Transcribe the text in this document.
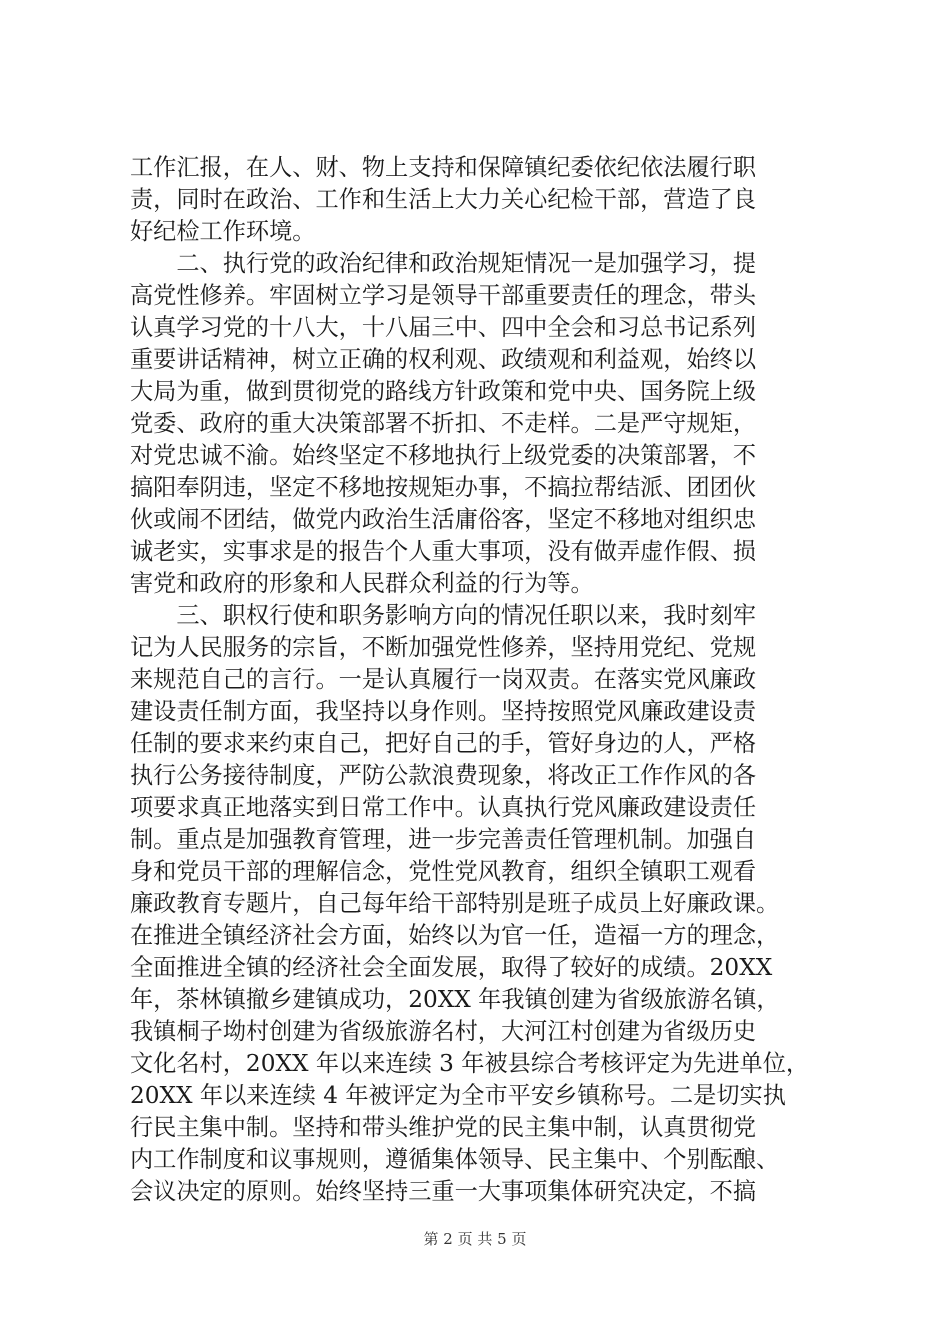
工作汇报，在人、财、物上支持和保障镇纪委依纪依法履行职
责，同时在政治、工作和生活上大力关心纪检干部，营造了良
好纪检工作环境。
　　二、执行党的政治纪律和政治规矩情况一是加强学习，提
高党性修养。牢固树立学习是领导干部重要责任的理念，带头
认真学习党的十八大，十八届三中、四中全会和习总书记系列
重要讲话精神，树立正确的权利观、政绩观和利益观，始终以
大局为重，做到贯彻党的路线方针政策和党中央、国务院上级
党委、政府的重大决策部署不折扣、不走样。二是严守规矩，
对党忠诚不渝。始终坚定不移地执行上级党委的决策部署，不
搞阳奉阴违，坚定不移地按规矩办事，不搞拉帮结派、团团伙
伙或闹不团结，做党内政治生活庸俗客，坚定不移地对组织忠
诚老实，实事求是的报告个人重大事项，没有做弄虚作假、损
害党和政府的形象和人民群众利益的行为等。
　　三、职权行使和职务影响方向的情况任职以来，我时刻牢
记为人民服务的宗旨，不断加强党性修养，坚持用党纪、党规
来规范自己的言行。一是认真履行一岗双责。在落实党风廉政
建设责任制方面，我坚持以身作则。坚持按照党风廉政建设责
任制的要求来约束自己，把好自己的手，管好身边的人，严格
执行公务接待制度，严防公款浪费现象，将改正工作作风的各
项要求真正地落实到日常工作中。认真执行党风廉政建设责任
制。重点是加强教育管理，进一步完善责任管理机制。加强自
身和党员干部的理解信念，党性党风教育，组织全镇职工观看
廉政教育专题片，自己每年给干部特别是班子成员上好廉政课。
在推进全镇经济社会方面，始终以为官一任，造福一方的理念，
全面推进全镇的经济社会全面发展，取得了较好的成绩。20XX
年，茶林镇撤乡建镇成功，20XX 年我镇创建为省级旅游名镇，
我镇桐子坳村创建为省级旅游名村，大河江村创建为省级历史
文化名村，20XX 年以来连续 3 年被县综合考核评定为先进单位，
20XX 年以来连续 4 年被评定为全市平安乡镇称号。二是切实执
行民主集中制。坚持和带头维护党的民主集中制，认真贯彻党
内工作制度和议事规则，遵循集体领导、民主集中、个别酝酿、
会议决定的原则。始终坚持三重一大事项集体研究决定，不搞
第 2 页 共 5 页
